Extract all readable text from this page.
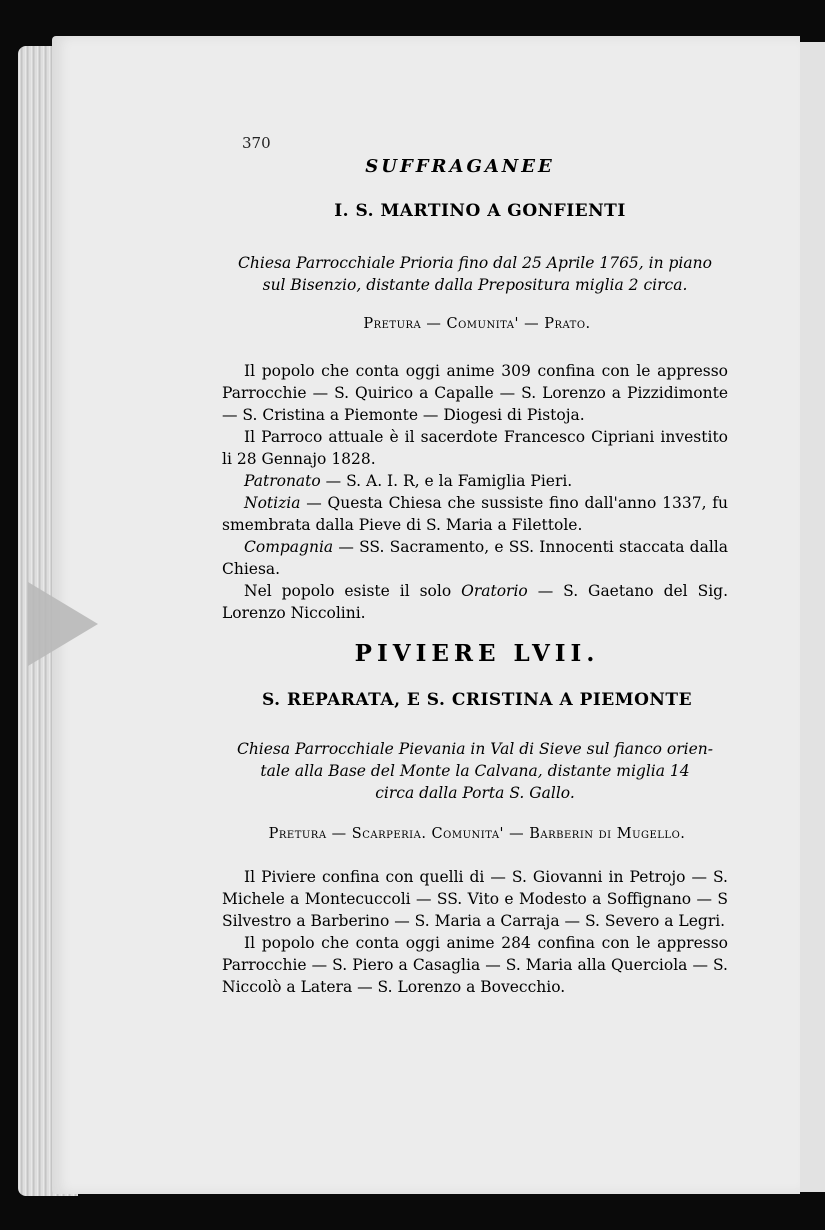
370
SUFFRAGANEE
I. S. MARTINO A GONFIENTI
Chiesa Parrocchiale Prioria fino dal 25 Aprile 1765, in piano
sul Bisenzio, distante dalla Prepositura miglia 2 circa.
Pretura — Comunita' — Prato.

Il popolo che conta oggi anime 309 confina con le appresso Parrocchie — S. Quirico a Capalle — S. Lorenzo a Pizzidimonte — S. Cristina a Piemonte — Diogesi di Pistoja.

Il Parroco attuale è il sacerdote Francesco Cipriani investito li 28 Gennajo 1828.

Patronato — S. A. I. R, e la Famiglia Pieri.

Notizia — Questa Chiesa che sussiste fino dall'anno 1337, fu smembrata dalla Pieve di S. Maria a Filettole.

Compagnia — SS. Sacramento, e SS. Innocenti staccata dalla Chiesa.

Nel popolo esiste il solo Oratorio — S. Gaetano del Sig. Lorenzo Niccolini.

PIVIERE LVII.
S. REPARATA, E S. CRISTINA A PIEMONTE
Chiesa Parrocchiale Pievania in Val di Sieve sul fianco orien-
tale alla Base del Monte la Calvana, distante miglia 14
circa dalla Porta S. Gallo.
Pretura — Scarperia. Comunita' — Barberin di Mugello.

Il Piviere confina con quelli di — S. Giovanni in Petrojo — S. Michele a Montecuccoli — SS. Vito e Modesto a Soffignano — S Silvestro a Barberino — S. Maria a Carraja — S. Severo a Legri.

Il popolo che conta oggi anime 284 confina con le appresso Parrocchie — S. Piero a Casaglia — S. Maria alla Querciola — S. Niccolò a Latera — S. Lorenzo a Bovecchio.
